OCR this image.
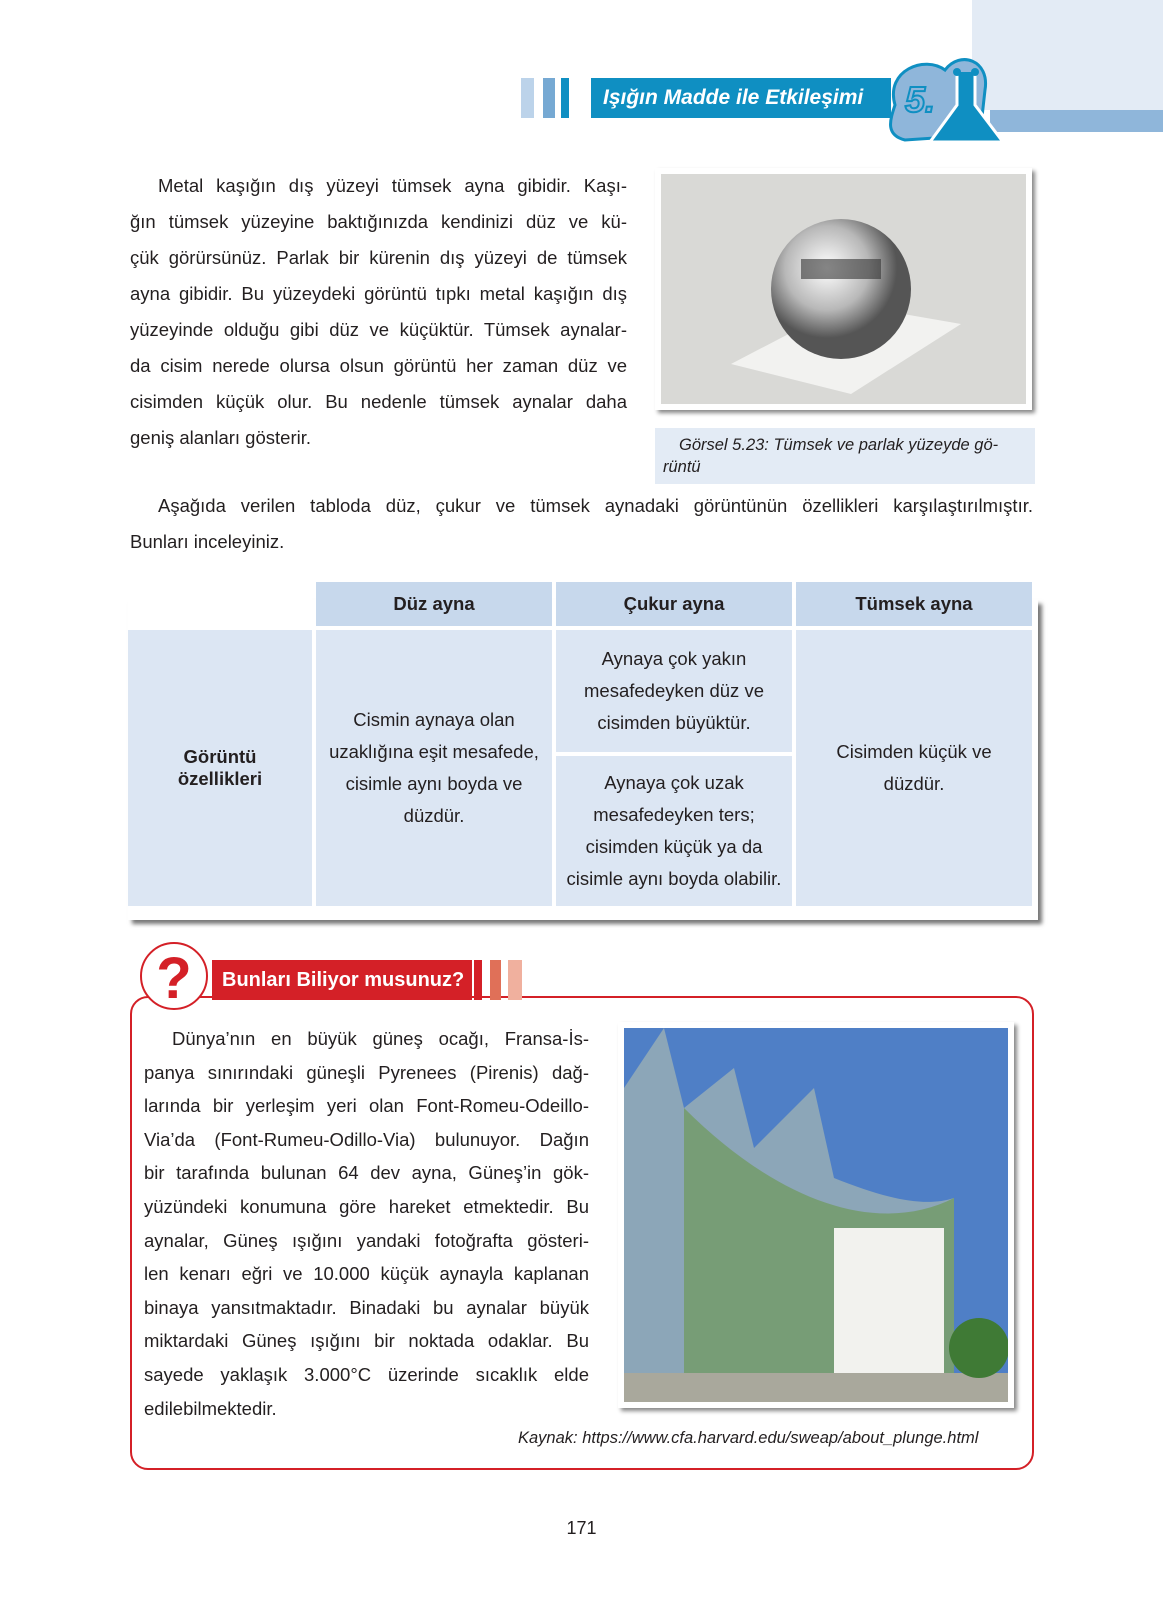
Işığın Madde ile Etkileşimi	5.
Metal kaşığın dış yüzeyi tümsek ayna gibidir. Kaşı-
ğın tümsek yüzeyine baktığınızda kendinizi düz ve kü-
çük görürsünüz. Parlak bir kürenin dış yüzeyi de tümsek
ayna gibidir. Bu yüzeydeki görüntü tıpkı metal kaşığın dış
yüzeyinde olduğu gibi düz ve küçüktür. Tümsek aynalar-
da cisim nerede olursa olsun görüntü her zaman düz ve
cisimden küçük olur. Bu nedenle tümsek aynalar daha
geniş alanları gösterir.	Görsel 5.23: Tümsek ve parlak yüzeyde gö-
rüntü
Aşağıda verilen tabloda düz, çukur ve tümsek aynadaki görüntünün özellikleri karşılaştırılmıştır.
Bunları inceleyiniz.
	Düz ayna	Çukur ayna	Tümsek ayna
Görüntü özellikleri	Cismin aynaya olan uzaklığına eşit mesafede, cisimle aynı boyda ve düzdür.	Aynaya çok yakın mesafedeyken düz ve cisimden büyüktür.	Cisimden küçük ve düzdür.
		Aynaya çok uzak mesafedeyken ters; cisimden küçük ya da cisimle aynı boyda olabilir.	
Bunları Biliyor musunuz?
?
Dünya’nın en büyük güneş ocağı, Fransa-İs-
panya sınırındaki güneşli Pyrenees (Pirenis) dağ-
larında bir yerleşim yeri olan Font-Romeu-Odeillo-
Via’da (Font-Rumeu-Odillo-Via) bulunuyor. Dağın
bir tarafında bulunan 64 dev ayna, Güneş’in gök-
yüzündeki konumuna göre hareket etmektedir. Bu
aynalar, Güneş ışığını yandaki fotoğrafta gösteri-
len kenarı eğri ve 10.000 küçük aynayla kaplanan
binaya yansıtmaktadır. Binadaki bu aynalar büyük
miktardaki Güneş ışığını bir noktada odaklar. Bu
sayede yaklaşık 3.000°C üzerinde sıcaklık elde
edilebilmektedir.
Kaynak: https://www.cfa.harvard.edu/sweap/about_plunge.html
171
